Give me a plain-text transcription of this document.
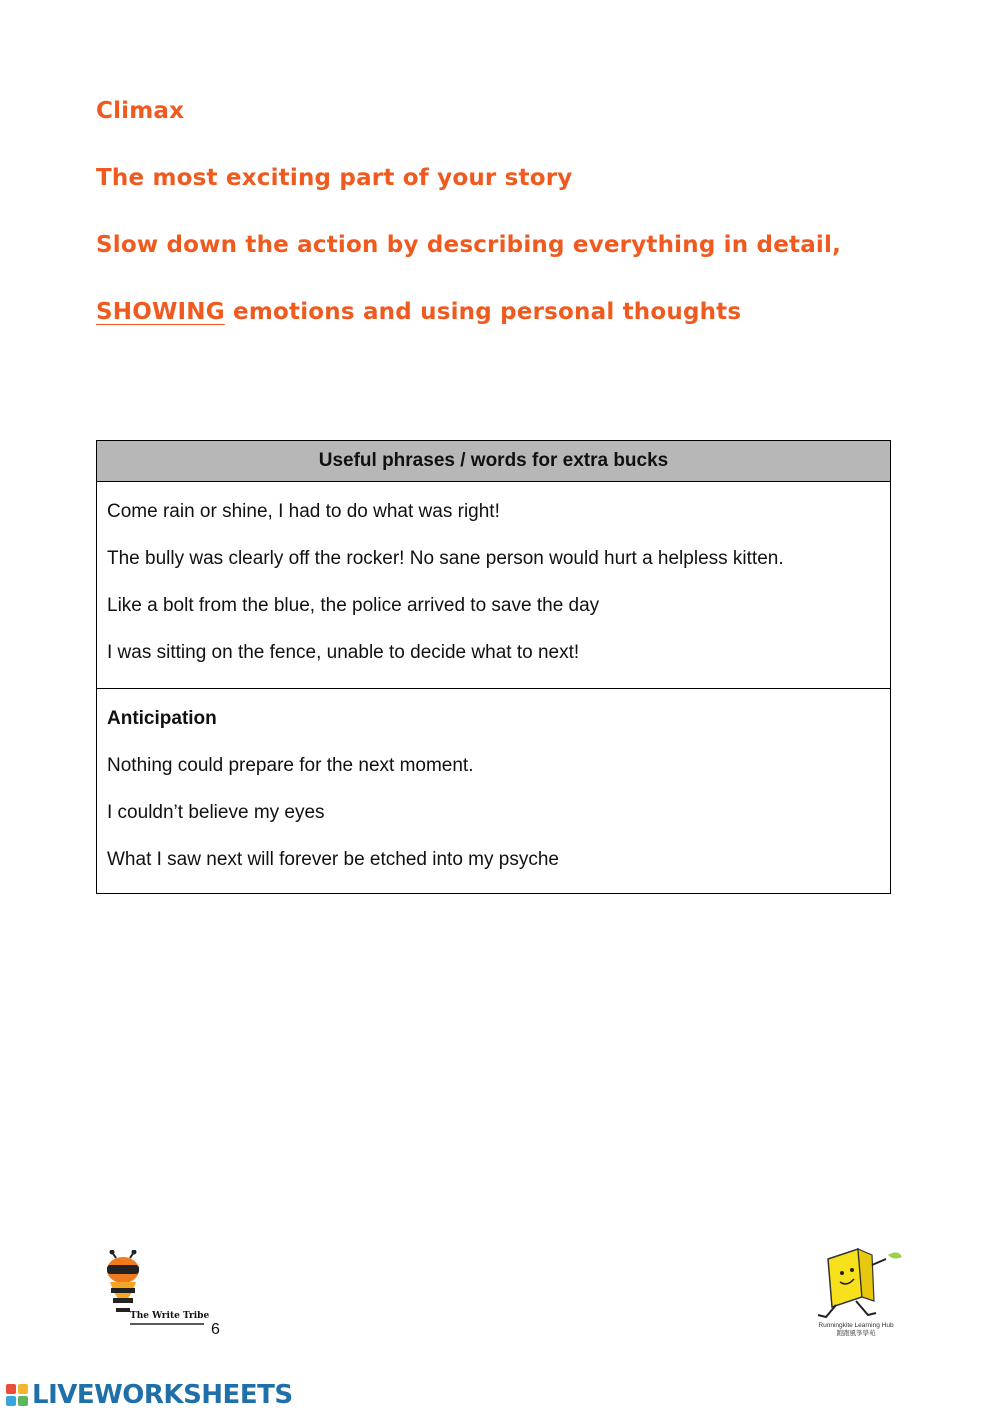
Climax
The most exciting part of your story
Slow down the action by describing everything in detail,
SHOWING emotions and using personal thoughts
Useful phrases / words for extra bucks

Come rain or shine, I had to do what was right!
The bully was clearly off the rocker! No sane person would hurt a helpless kitten.
Like a bolt from the blue, the police arrived to save the day
I was sitting on the fence, unable to decide what to next!

Anticipation
Nothing could prepare for the next moment.
I couldn’t believe my eyes
What I saw next will forever be etched into my psyche
The Write Tribe
6	Runningkite Learning Hub
跑跑風箏學苑
LIVEWORKSHEETS
